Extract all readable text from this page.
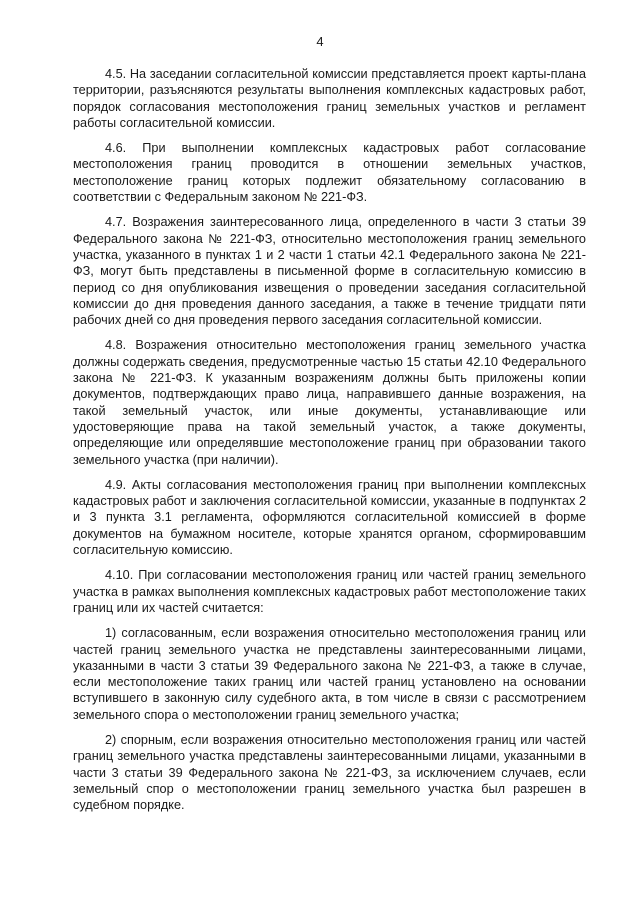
4

4.5. На заседании согласительной комиссии представляется проект карты-плана территории, разъясняются результаты выполнения комплексных кадастровых работ, порядок согласования местоположения границ земельных участков и регламент работы согласительной комиссии.

4.6. При выполнении комплексных кадастровых работ согласование местоположения границ проводится в отношении земельных участков, местоположение границ которых подлежит обязательному согласованию в соответствии с Федеральным законом № 221-ФЗ.

4.7. Возражения заинтересованного лица, определенного в части 3 статьи 39 Федерального закона № 221-ФЗ, относительно местоположения границ земельного участка, указанного в пунктах 1 и 2 части 1 статьи 42.1 Федерального закона № 221-ФЗ, могут быть представлены в письменной форме в согласительную комиссию в период со дня опубликования извещения о проведении заседания согласительной комиссии до дня проведения данного заседания, а также в течение тридцати пяти рабочих дней со дня проведения первого заседания согласительной комиссии.

4.8. Возражения относительно местоположения границ земельного участка должны содержать сведения, предусмотренные частью 15 статьи 42.10 Федерального закона № 221-ФЗ. К указанным возражениям должны быть приложены копии документов, подтверждающих право лица, направившего данные возражения, на такой земельный участок, или иные документы, устанавливающие или удостоверяющие права на такой земельный участок, а также документы, определяющие или определявшие местоположение границ при образовании такого земельного участка (при наличии).

4.9. Акты согласования местоположения границ при выполнении комплексных кадастровых работ и заключения согласительной комиссии, указанные в подпунктах 2 и 3 пункта 3.1 регламента, оформляются согласительной комиссией в форме документов на бумажном носителе, которые хранятся органом, сформировавшим согласительную комиссию.

4.10. При согласовании местоположения границ или частей границ земельного участка в рамках выполнения комплексных кадастровых работ местоположение таких границ или их частей считается:

1) согласованным, если возражения относительно местоположения границ или частей границ земельного участка не представлены заинтересованными лицами, указанными в части 3 статьи 39 Федерального закона № 221-ФЗ, а также в случае, если местоположение таких границ или частей границ установлено на основании вступившего в законную силу судебного акта, в том числе в связи с рассмотрением земельного спора о местоположении границ земельного участка;

2) спорным, если возражения относительно местоположения границ или частей границ земельного участка представлены заинтересованными лицами, указанными в части 3 статьи 39 Федерального закона № 221-ФЗ, за исключением случаев, если земельный спор о местоположении границ земельного участка был разрешен в судебном порядке.
